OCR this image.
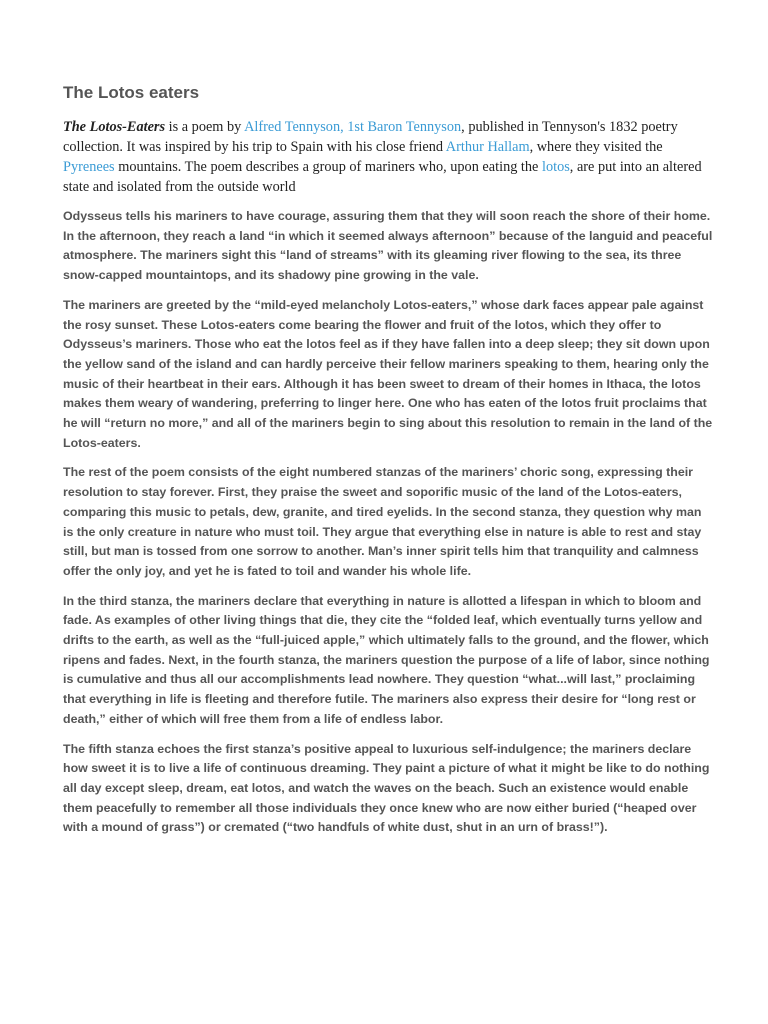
The Lotos eaters

The Lotos-Eaters is a poem by Alfred Tennyson, 1st Baron Tennyson, published in Tennyson's 1832 poetry collection. It was inspired by his trip to Spain with his close friend Arthur Hallam, where they visited the Pyrenees mountains. The poem describes a group of mariners who, upon eating the lotos, are put into an altered state and isolated from the outside world

Odysseus tells his mariners to have courage, assuring them that they will soon reach the shore of their home. In the afternoon, they reach a land “in which it seemed always afternoon” because of the languid and peaceful atmosphere. The mariners sight this “land of streams” with its gleaming river flowing to the sea, its three snow-capped mountaintops, and its shadowy pine growing in the vale.

The mariners are greeted by the “mild-eyed melancholy Lotos-eaters,” whose dark faces appear pale against the rosy sunset. These Lotos-eaters come bearing the flower and fruit of the lotos, which they offer to Odysseus’s mariners. Those who eat the lotos feel as if they have fallen into a deep sleep; they sit down upon the yellow sand of the island and can hardly perceive their fellow mariners speaking to them, hearing only the music of their heartbeat in their ears. Although it has been sweet to dream of their homes in Ithaca, the lotos makes them weary of wandering, preferring to linger here. One who has eaten of the lotos fruit proclaims that he will “return no more,” and all of the mariners begin to sing about this resolution to remain in the land of the Lotos-eaters.

The rest of the poem consists of the eight numbered stanzas of the mariners’ choric song, expressing their resolution to stay forever. First, they praise the sweet and soporific music of the land of the Lotos-eaters, comparing this music to petals, dew, granite, and tired eyelids. In the second stanza, they question why man is the only creature in nature who must toil. They argue that everything else in nature is able to rest and stay still, but man is tossed from one sorrow to another. Man’s inner spirit tells him that tranquility and calmness offer the only joy, and yet he is fated to toil and wander his whole life.

In the third stanza, the mariners declare that everything in nature is allotted a lifespan in which to bloom and fade. As examples of other living things that die, they cite the “folded leaf, which eventually turns yellow and drifts to the earth, as well as the “full-juiced apple,” which ultimately falls to the ground, and the flower, which ripens and fades. Next, in the fourth stanza, the mariners question the purpose of a life of labor, since nothing is cumulative and thus all our accomplishments lead nowhere. They question “what...will last,” proclaiming that everything in life is fleeting and therefore futile. The mariners also express their desire for “long rest or death,” either of which will free them from a life of endless labor.

The fifth stanza echoes the first stanza’s positive appeal to luxurious self-indulgence; the mariners declare how sweet it is to live a life of continuous dreaming. They paint a picture of what it might be like to do nothing all day except sleep, dream, eat lotos, and watch the waves on the beach. Such an existence would enable them peacefully to remember all those individuals they once knew who are now either buried (“heaped over with a mound of grass”) or cremated (“two handfuls of white dust, shut in an urn of brass!”).
